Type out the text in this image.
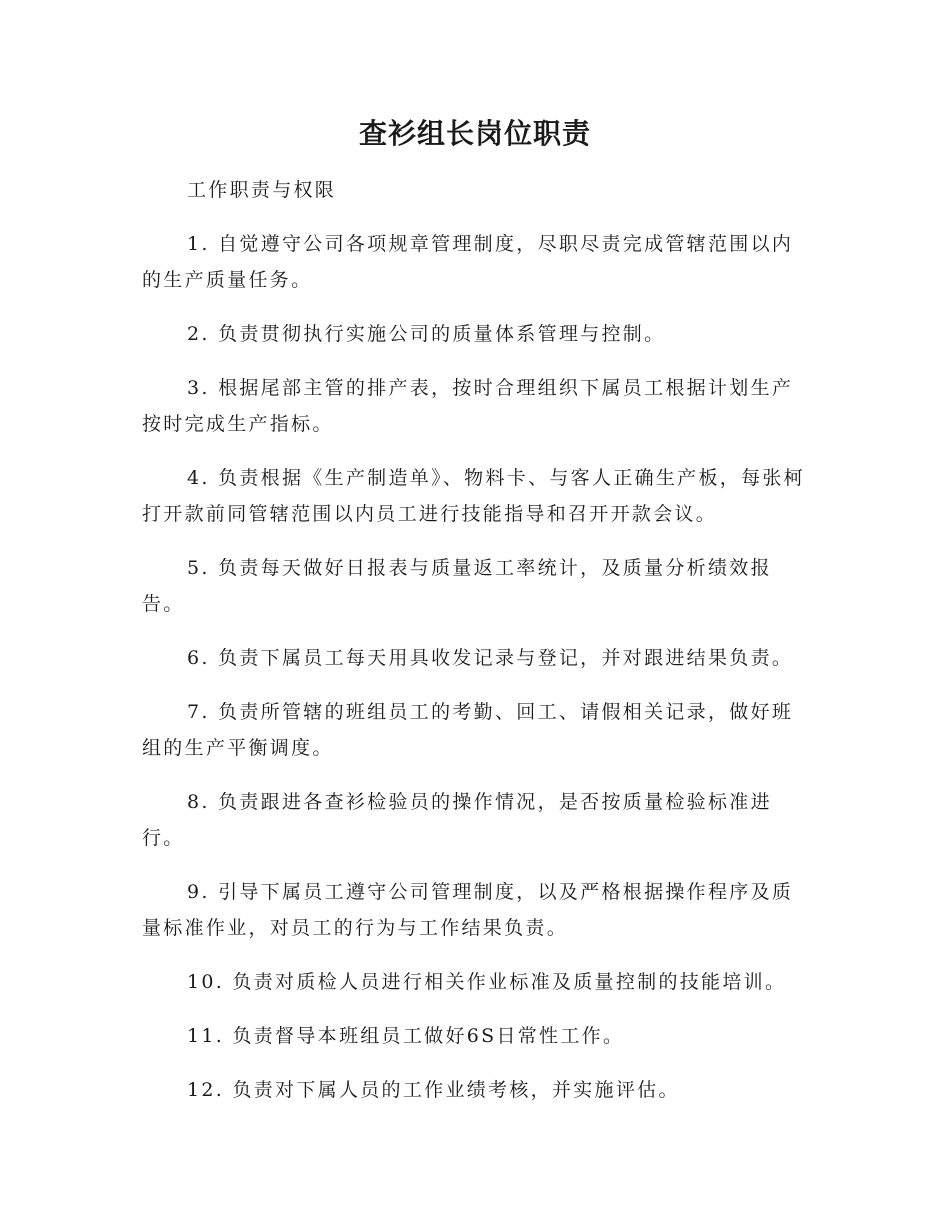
查衫组长岗位职责

工作职责与权限

1. 自觉遵守公司各项规章管理制度，尽职尽责完成管辖范围以内的生产质量任务。

2. 负责贯彻执行实施公司的质量体系管理与控制。

3. 根据尾部主管的排产表，按时合理组织下属员工根据计划生产按时完成生产指标。

4. 负责根据《生产制造单》、物料卡、与客人正确生产板，每张柯打开款前同管辖范围以内员工进行技能指导和召开开款会议。

5. 负责每天做好日报表与质量返工率统计，及质量分析绩效报告。

6. 负责下属员工每天用具收发记录与登记，并对跟进结果负责。

7. 负责所管辖的班组员工的考勤、回工、请假相关记录，做好班组的生产平衡调度。

8. 负责跟进各查衫检验员的操作情况，是否按质量检验标准进行。

9. 引导下属员工遵守公司管理制度，以及严格根据操作程序及质量标准作业，对员工的行为与工作结果负责。

10. 负责对质检人员进行相关作业标准及质量控制的技能培训。

11. 负责督导本班组员工做好6S日常性工作。

12. 负责对下属人员的工作业绩考核，并实施评估。
